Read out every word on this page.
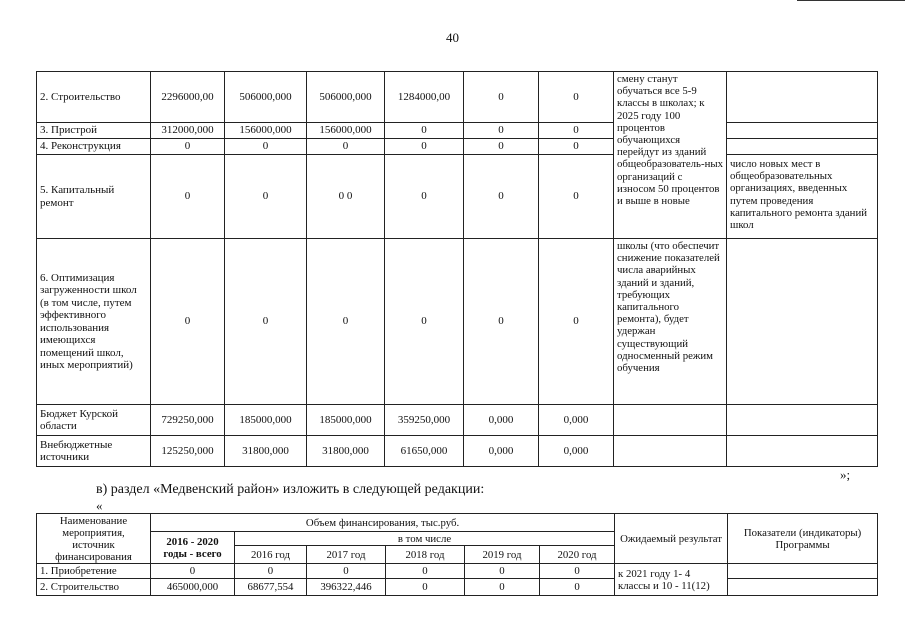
40
2. Строительство	2296000,00	506000,000	506000,000	1284000,00	0	0	смену станут обучаться все 5-9 классы в школах; к 2025 году 100 процентов обучающихся перейдут из зданий общеобразователь-ных организаций с износом 50 процентов и выше в новые	
3. Пристрой	312000,000	156000,000	156000,000	0	0	0		
4. Реконструкция	0	0	0	0	0	0		
5. Капитальный ремонт	0	0	0 0	0	0	0		число новых мест в общеобразовательных организациях, введенных путем проведения капитального ремонта зданий школ
6. Оптимизация загруженности школ (в том числе, путем эффективного использования имеющихся помещений школ, иных мероприятий)	0	0	0	0	0	0	школы (что обеспечит снижение показателей числа аварийных зданий и зданий, требующих капитального ремонта), будет удержан существующий односменный режим обучения	
Бюджет Курской области	729250,000	185000,000	185000,000	359250,000	0,000	0,000		
Внебюджетные источники	125250,000	31800,000	31800,000	61650,000	0,000	0,000		
»;
в) раздел «Медвенский район» изложить в следующей редакции:
«
Наименование мероприятия, источник финансирования	Объем финансирования, тыс.руб.						Ожидаемый результат	Показатели (индикаторы) Программы
	2016 - 2020 годы - всего	в том числе						
		2016 год	2017 год	2018 год	2019 год	2020 год		
1. Приобретение	0	0	0	0	0	0	к 2021 году 1- 4 классы и 10 - 11(12)	
2. Строительство	465000,000	68677,554	396322,446	0	0	0		
